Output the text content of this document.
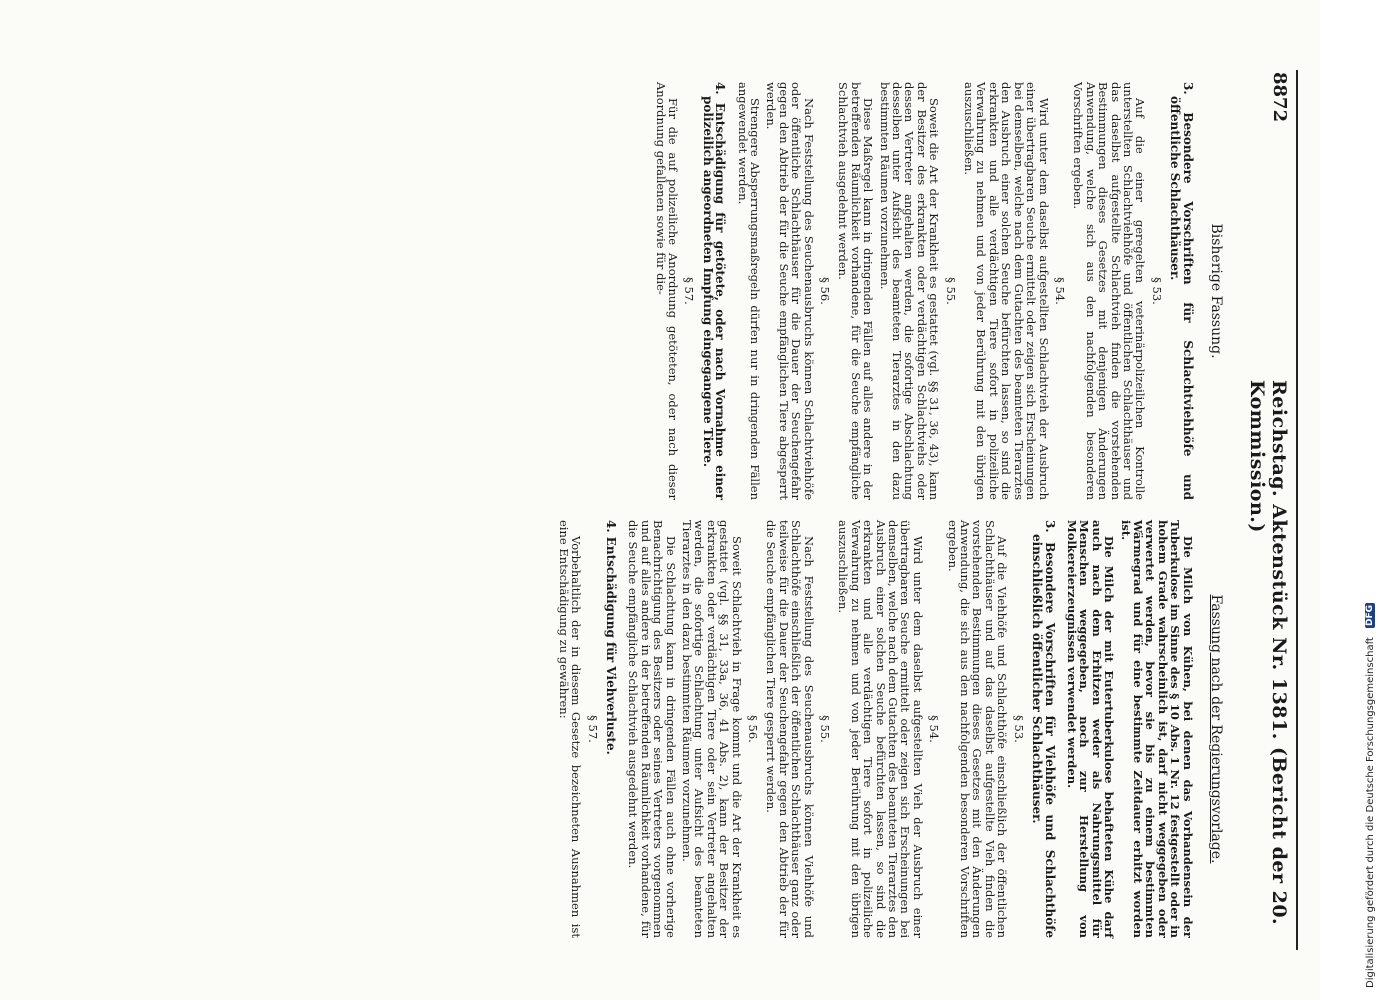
8872
Reichstag. Aktenstück Nr. 1381. (Bericht der 20. Kommission.)
Bisherige Fassung.
3. Besondere Vorschriften für Schlachtviehhöfe und öffentliche Schlachthäuser.
§ 53.

Auf die einer geregelten veterinärpolizeilichen Kontrolle unterstellten Schlachtviehhöfe und öffentlichen Schlachthäuser und das daselbst aufgestellte Schlachtvieh finden die vorstehenden Bestimmungen dieses Gesetzes mit denjenigen Änderungen Anwendung, welche sich aus den nachfolgenden besonderen Vorschriften ergeben.

§ 54.

Wird unter dem daselbst aufgestellten Schlachtvieh der Ausbruch einer übertragbaren Seuche ermittelt oder zeigen sich Erscheinungen bei demselben, welche nach dem Gutachten des beamteten Tierarztes den Ausbruch einer solchen Seuche befürchten lassen, so sind die erkrankten und alle verdächtigen Tiere sofort in polizeiliche Verwahrung zu nehmen und von jeder Berührung mit den übrigen auszuschließen.

§ 55.

Soweit die Art der Krankheit es gestattet (vgl. §§ 31, 36, 43), kann der Besitzer des erkrankten oder verdächtigen Schlachtviehs oder dessen Vertreter angehalten werden, die sofortige Abschlachtung desselben unter Aufsicht des beamteten Tierarztes in den dazu bestimmten Räumen vorzunehmen.

Diese Maßregel kann in dringenden Fällen auf alles andere in der betreffenden Räumlichkeit vorhandene, für die Seuche empfängliche Schlachtvieh ausgedehnt werden.

§ 56.

Nach Feststellung des Seuchenausbruchs können Schlachtviehhöfe oder öffentliche Schlachthäuser für die Dauer der Seuchengefahr gegen den Abtrieb der für die Seuche empfänglichen Tiere abgesperrt werden.

Strengere Absperrungsmaßregeln dürfen nur in dringenden Fällen angewendet werden.

4. Entschädigung für getötete, oder nach Vornahme einer polizeilich angeordneten Impfung eingegangene Tiere.
§ 57.

Für die auf polizeiliche Anordnung getöteten, oder nach dieser Anordnung gefallenen sowie für die-

Fassung nach der Regierungsvorlage.

Die Milch von Kühen, bei denen das Vorhandensein der Tuberkulose im Sinne des § 10 Abs. 1 Nr. 12 festgestellt oder in hohem Grade wahrscheinlich ist, darf nicht weggegeben oder verwertet werden, bevor sie bis zu einem bestimmten Wärmegrad und für eine bestimmte Zeitdauer erhitzt worden ist.

Die Milch der mit Eutertuberkulose behafteten Kühe darf auch nach dem Erhitzen weder als Nahrungsmittel für Menschen weggegeben, noch zur Herstellung von Molkereierzeugnissen verwendet werden.

3. Besondere Vorschriften für Viehhöfe und Schlachthöfe einschließlich öffentlicher Schlachthäuser.
§ 53.

Auf die Viehhöfe und Schlachthöfe einschließlich der öffentlichen Schlachthäuser und auf das daselbst aufgestellte Vieh finden die vorstehenden Bestimmungen dieses Gesetzes mit den Änderungen Anwendung, die sich aus den nachfolgenden besonderen Vorschriften ergeben.

§ 54.

Wird unter dem daselbst aufgestellten Vieh der Ausbruch einer übertragbaren Seuche ermittelt oder zeigen sich Erscheinungen bei demselben, welche nach dem Gutachten des beamteten Tierarztes den Ausbruch einer solchen Seuche befürchten lassen, so sind die erkrankten und alle verdächtigen Tiere sofort in polizeiliche Verwahrung zu nehmen und von jeder Berührung mit den übrigen auszuschließen.

§ 55.

Nach Feststellung des Seuchenausbruchs können Viehhöfe und Schlachthöfe einschließlich der öffentlichen Schlachthäuser ganz oder teilweise für die Dauer der Seuchengefahr gegen den Abtrieb der für die Seuche empfänglichen Tiere gesperrt werden.

§ 56.

Soweit Schlachtvieh in Frage kommt und die Art der Krankheit es gestattet (vgl. §§ 31, 33a, 36, 41 Abs. 2), kann der Besitzer der erkrankten oder verdächtigen Tiere oder sein Vertreter angehalten werden, die sofortige Schlachtung unter Aufsicht des beamteten Tierarztes in den dazu bestimmten Räumen vorzunehmen.

Die Schlachtung kann in dringenden Fällen auch ohne vorherige Benachrichtigung des Besitzers oder seines Vertreters vorgenommen und auf alles andere in der betreffenden Räumlichkeit vorhandene, für die Seuche empfängliche Schlachtvieh ausgedehnt werden.

4. Entschädigung für Viehverluste.
§ 57.

Vorbehaltlich der in diesem Gesetze bezeichneten Ausnahmen ist eine Entschädigung zu gewähren:

Digitalisierung gefördert durch die Deutsche Forschungsgemeinschaft DFG
